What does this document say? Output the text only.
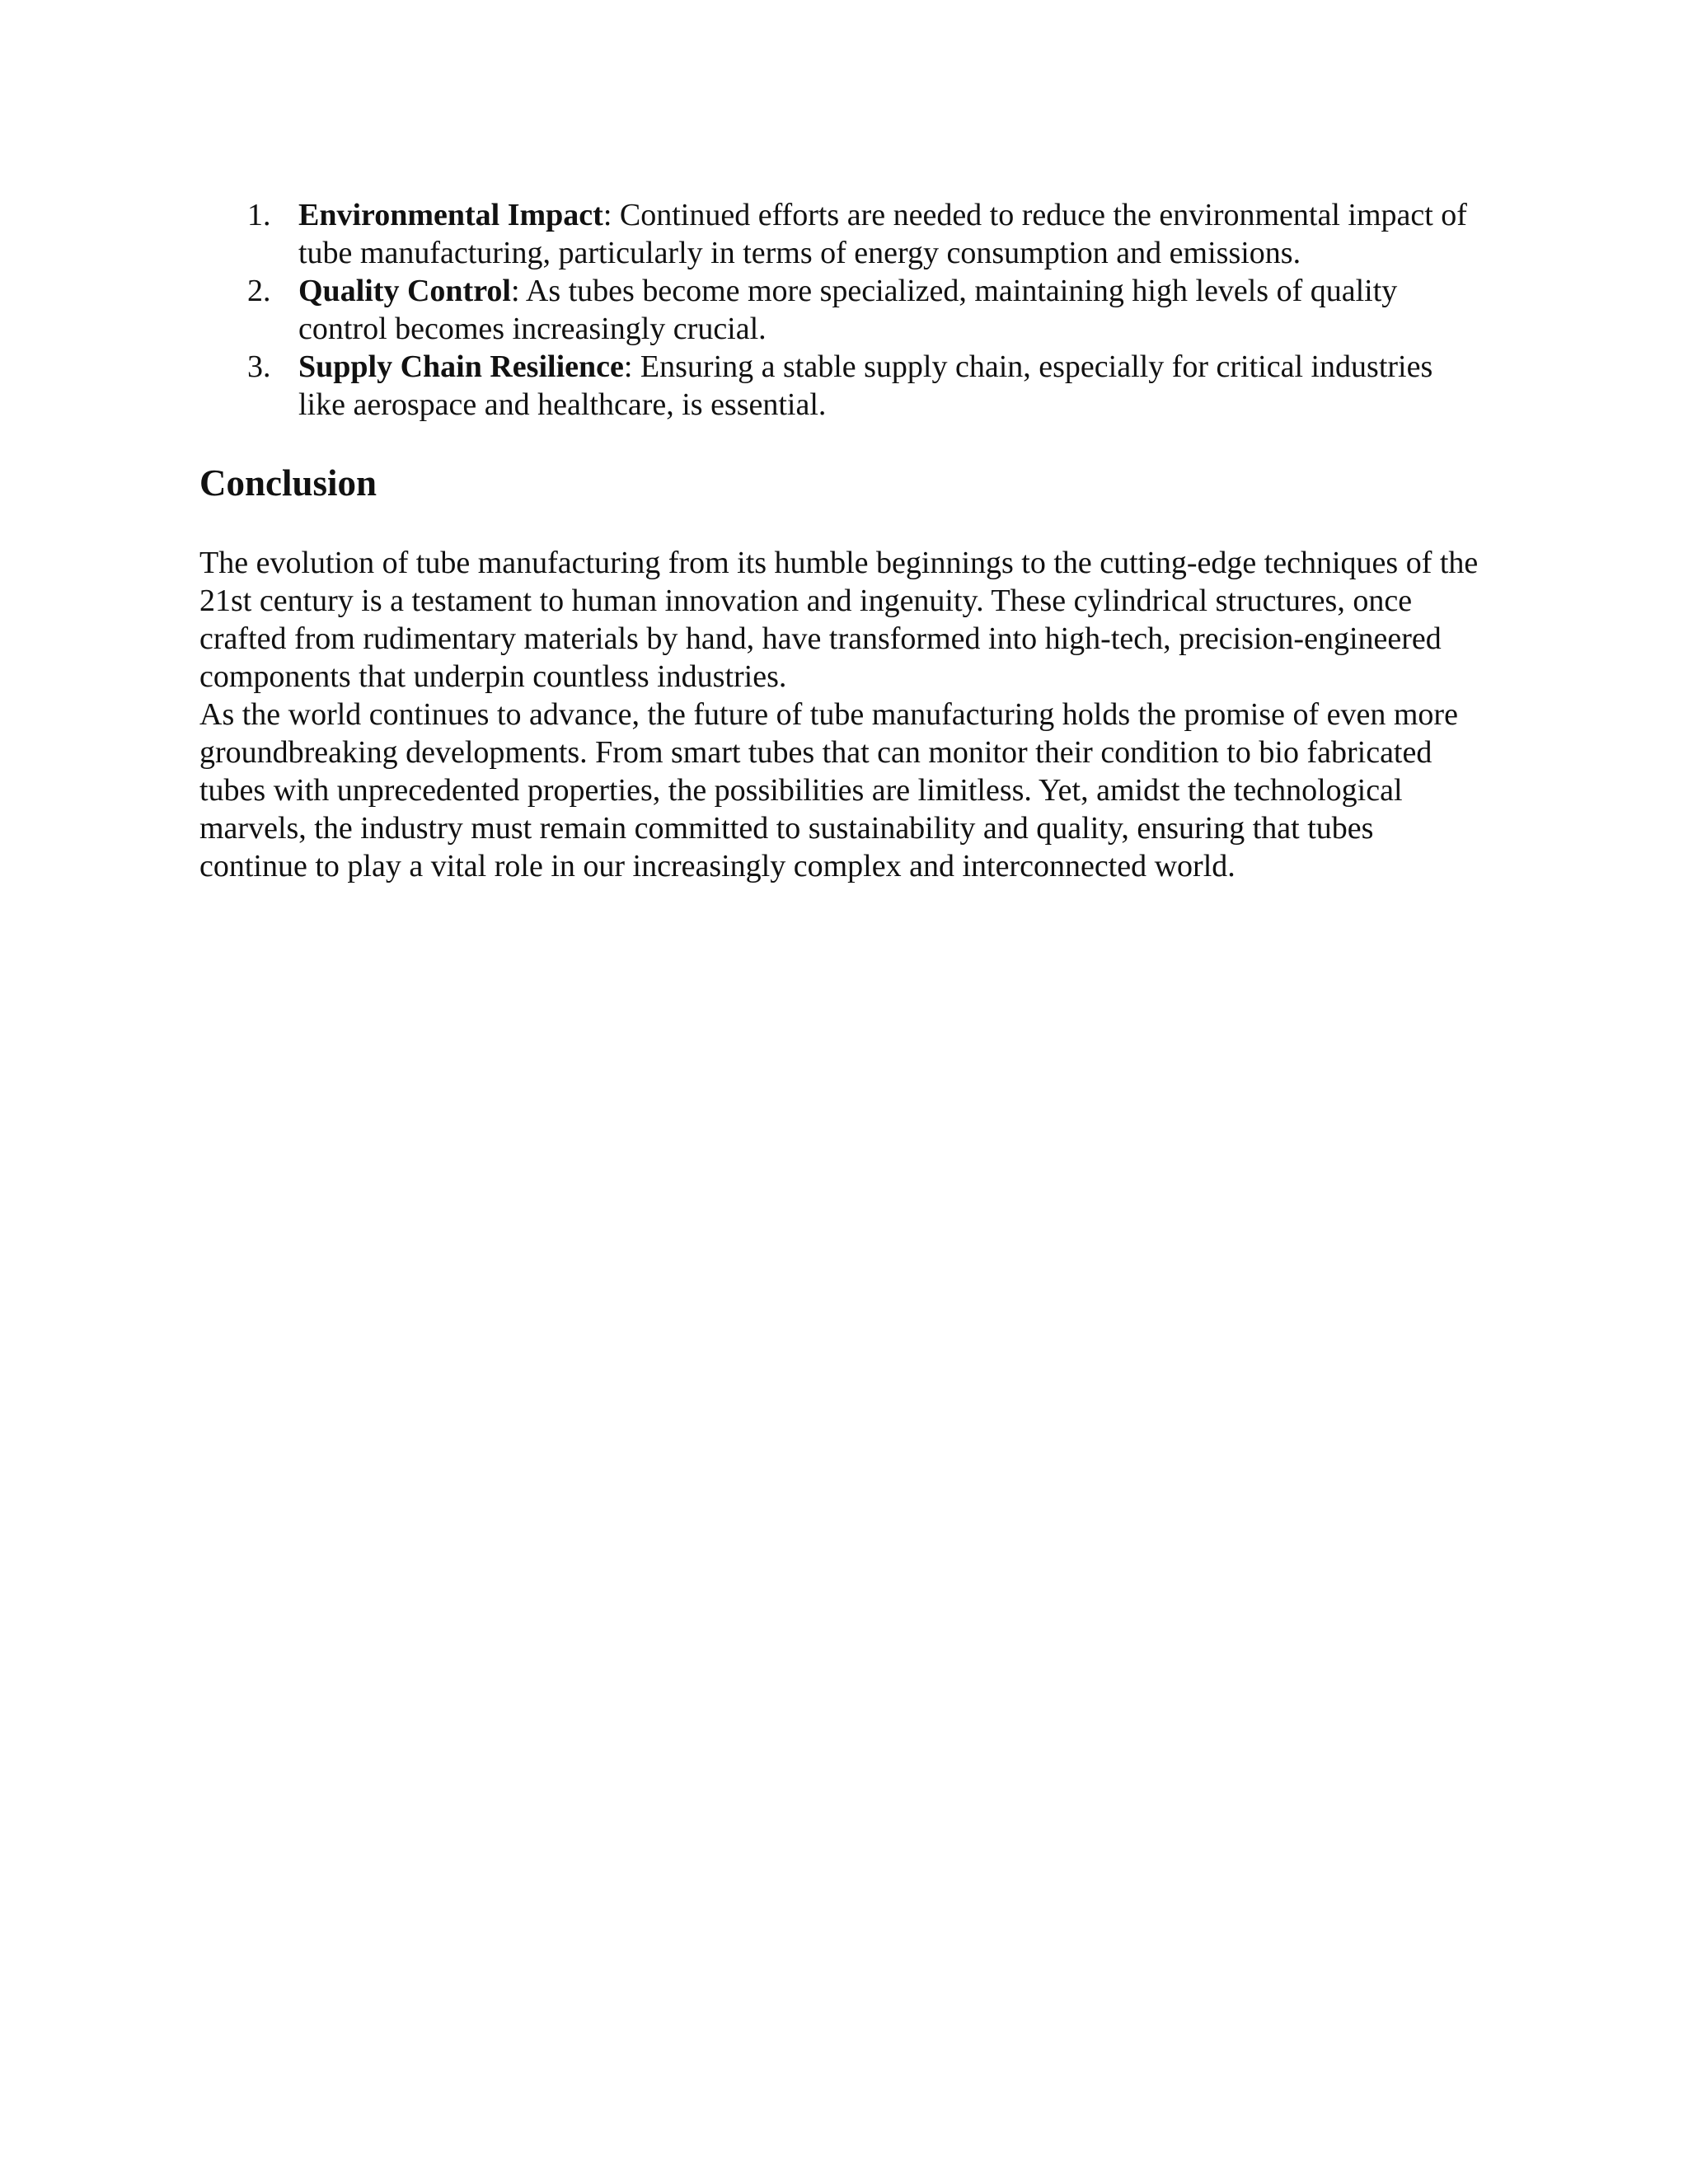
1. Environmental Impact: Continued efforts are needed to reduce the environmental impact of tube manufacturing, particularly in terms of energy consumption and emissions.
2. Quality Control: As tubes become more specialized, maintaining high levels of quality control becomes increasingly crucial.
3. Supply Chain Resilience: Ensuring a stable supply chain, especially for critical industries like aerospace and healthcare, is essential.
Conclusion

The evolution of tube manufacturing from its humble beginnings to the cutting-edge techniques of the 21st century is a testament to human innovation and ingenuity. These cylindrical structures, once crafted from rudimentary materials by hand, have transformed into high-tech, precision-engineered components that underpin countless industries.

As the world continues to advance, the future of tube manufacturing holds the promise of even more groundbreaking developments. From smart tubes that can monitor their condition to bio fabricated tubes with unprecedented properties, the possibilities are limitless. Yet, amidst the technological marvels, the industry must remain committed to sustainability and quality, ensuring that tubes continue to play a vital role in our increasingly complex and interconnected world.
